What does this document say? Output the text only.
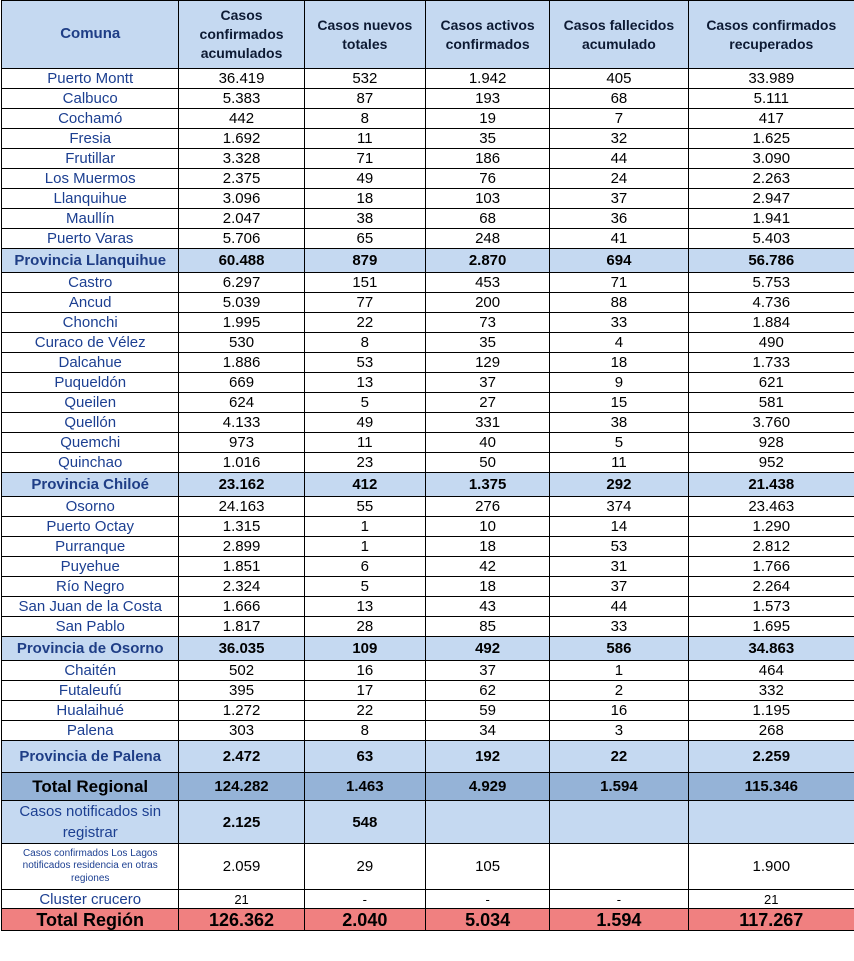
Comuna	Casos confirmados acumulados	Casos nuevos totales	Casos activos confirmados	Casos fallecidos acumulado	Casos confirmados recuperados
Puerto Montt	36.419	532	1.942	405	33.989
Calbuco	5.383	87	193	68	5.111
Cochamó	442	8	19	7	417
Fresia	1.692	11	35	32	1.625
Frutillar	3.328	71	186	44	3.090
Los Muermos	2.375	49	76	24	2.263
Llanquihue	3.096	18	103	37	2.947
Maullín	2.047	38	68	36	1.941
Puerto Varas	5.706	65	248	41	5.403
Provincia Llanquihue	60.488	879	2.870	694	56.786
Castro	6.297	151	453	71	5.753
Ancud	5.039	77	200	88	4.736
Chonchi	1.995	22	73	33	1.884
Curaco de Vélez	530	8	35	4	490
Dalcahue	1.886	53	129	18	1.733
Puqueldón	669	13	37	9	621
Queilen	624	5	27	15	581
Quellón	4.133	49	331	38	3.760
Quemchi	973	11	40	5	928
Quinchao	1.016	23	50	11	952
Provincia Chiloé	23.162	412	1.375	292	21.438
Osorno	24.163	55	276	374	23.463
Puerto Octay	1.315	1	10	14	1.290
Purranque	2.899	1	18	53	2.812
Puyehue	1.851	6	42	31	1.766
Río Negro	2.324	5	18	37	2.264
San Juan de la Costa	1.666	13	43	44	1.573
San Pablo	1.817	28	85	33	1.695
Provincia de Osorno	36.035	109	492	586	34.863
Chaitén	502	16	37	1	464
Futaleufú	395	17	62	2	332
Hualaihué	1.272	22	59	16	1.195
Palena	303	8	34	3	268
Provincia de Palena	2.472	63	192	22	2.259
Total Regional	124.282	1.463	4.929	1.594	115.346
Casos notificados sin registrar	2.125	548			
Casos confirmados Los Lagos notificados residencia en otras regiones	2.059	29	105		1.900
Cluster crucero	21	-	-	-	21
Total Región	126.362	2.040	5.034	1.594	117.267
